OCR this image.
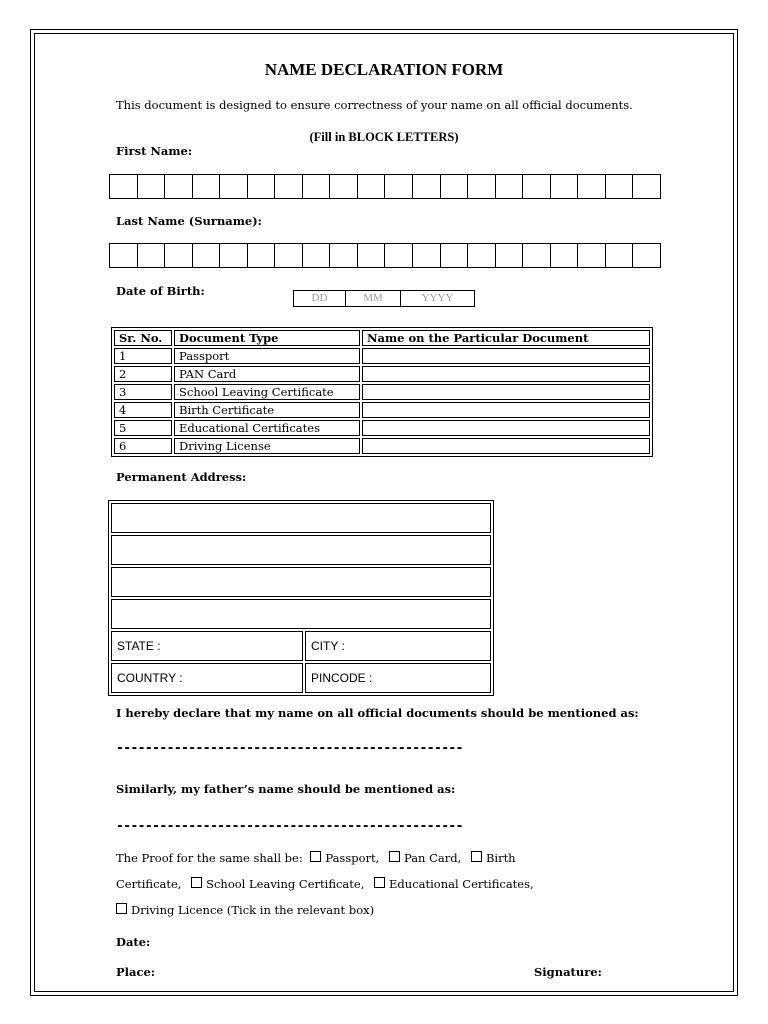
NAME DECLARATION FORM
This document is designed to ensure correctness of your name on all official documents.
(Fill in BLOCK LETTERS)
First Name:
Last Name (Surname):
Date of Birth:	DD	MM	YYYY
Sr. No.	Document Type	Name on the Particular Document
1	Passport	
2	PAN Card	
3	School Leaving Certificate	
4	Birth Certificate	
5	Educational Certificates	
6	Driving License	
Permanent Address:

STATE :	CITY :
COUNTRY :	PINCODE :
I hereby declare that my name on all official documents should be mentioned as:
------------------------------------------------
Similarly, my father’s name should be mentioned as:
------------------------------------------------
The Proof for the same shall be: Passport, Pan Card, Birth
Certificate, School Leaving Certificate, Educational Certificates,
Driving Licence (Tick in the relevant box)
Date:
Place:	Signature:
